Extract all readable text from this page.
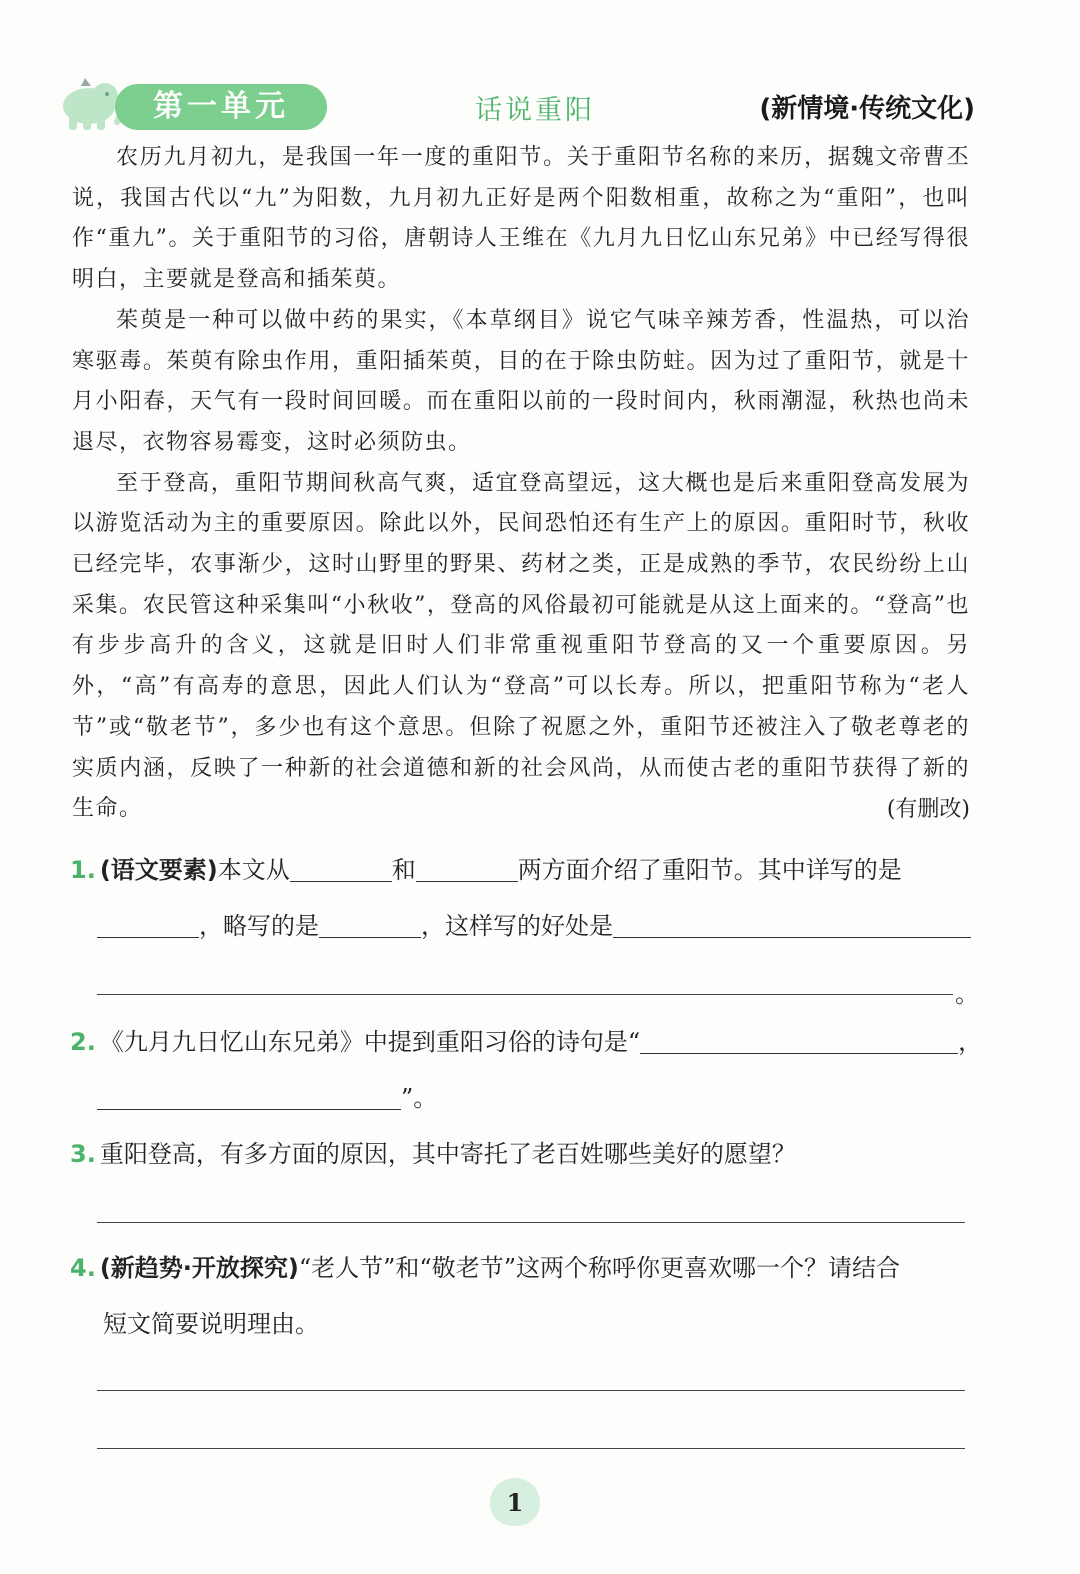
第一单元	话说重阳	(新情境·传统文化)

农历九月初九，是我国一年一度的重阳节。关于重阳节名称的来历，据魏文帝曹丕说，我国古代以“九”为阳数，九月初九正好是两个阳数相重，故称之为“重阳”，也叫作“重九”。关于重阳节的习俗，唐朝诗人王维在《九月九日忆山东兄弟》中已经写得很明白，主要就是登高和插茱萸。

茱萸是一种可以做中药的果实，《本草纲目》说它气味辛辣芳香，性温热，可以治寒驱毒。茱萸有除虫作用，重阳插茱萸，目的在于除虫防蛀。因为过了重阳节，就是十月小阳春，天气有一段时间回暖。而在重阳以前的一段时间内，秋雨潮湿，秋热也尚未退尽，衣物容易霉变，这时必须防虫。

至于登高，重阳节期间秋高气爽，适宜登高望远，这大概也是后来重阳登高发展为以游览活动为主的重要原因。除此以外，民间恐怕还有生产上的原因。重阳时节，秋收已经完毕，农事渐少，这时山野里的野果、药材之类，正是成熟的季节，农民纷纷上山采集。农民管这种采集叫“小秋收”，登高的风俗最初可能就是从这上面来的。“登高”也有步步高升的含义，这就是旧时人们非常重视重阳节登高的又一个重要原因。另外，“高”有高寿的意思，因此人们认为“登高”可以长寿。所以，把重阳节称为“老人节”或“敬老节”，多少也有这个意思。但除了祝愿之外，重阳节还被注入了敬老尊老的实质内涵，反映了一种新的社会道德和新的社会风尚，从而使古老的重阳节获得了新的生命。	(有删改)
1. (语文要素)本文从	和	两方面介绍了重阳节。其中详写的是
，略写的是	，这样写的好处是
。
2. 《九月九日忆山东兄弟》中提到重阳习俗的诗句是“	，
”。
3. 重阳登高，有多方面的原因，其中寄托了老百姓哪些美好的愿望？
4. (新趋势·开放探究)“老人节”和“敬老节”这两个称呼你更喜欢哪一个？请结合
短文简要说明理由。
1
